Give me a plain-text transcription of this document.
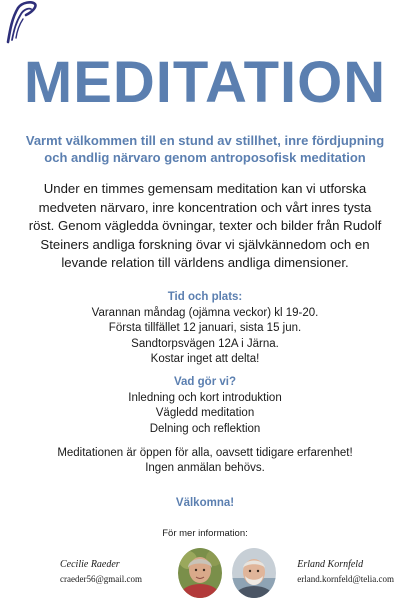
MEDITATION
Varmt välkommen till en stund av stillhet, inre fördjupning
och andlig närvaro genom antroposofisk meditation
Under en timmes gemensam meditation kan vi utforska
medveten närvaro, inre koncentration och vårt inres tysta
röst. Genom vägledda övningar, texter och bilder från Rudolf
Steiners andliga forskning övar vi självkännedom och en
levande relation till världens andliga dimensioner.
Tid och plats:
Varannan måndag (ojämna veckor) kl 19-20.
Första tillfället 12 januari, sista 15 jun.
Sandtorpsvägen 12A i Järna.
Kostar inget att delta!
Vad gör vi?
Inledning och kort introduktion
Vägledd meditation
Delning och reflektion
Meditationen är öppen för alla, oavsett tidigare erfarenhet!
Ingen anmälan behövs.
Välkomna!
För mer information:
Cecilie Raeder
craeder56@gmail.com
Erland Kornfeld
erland.kornfeld@telia.com
